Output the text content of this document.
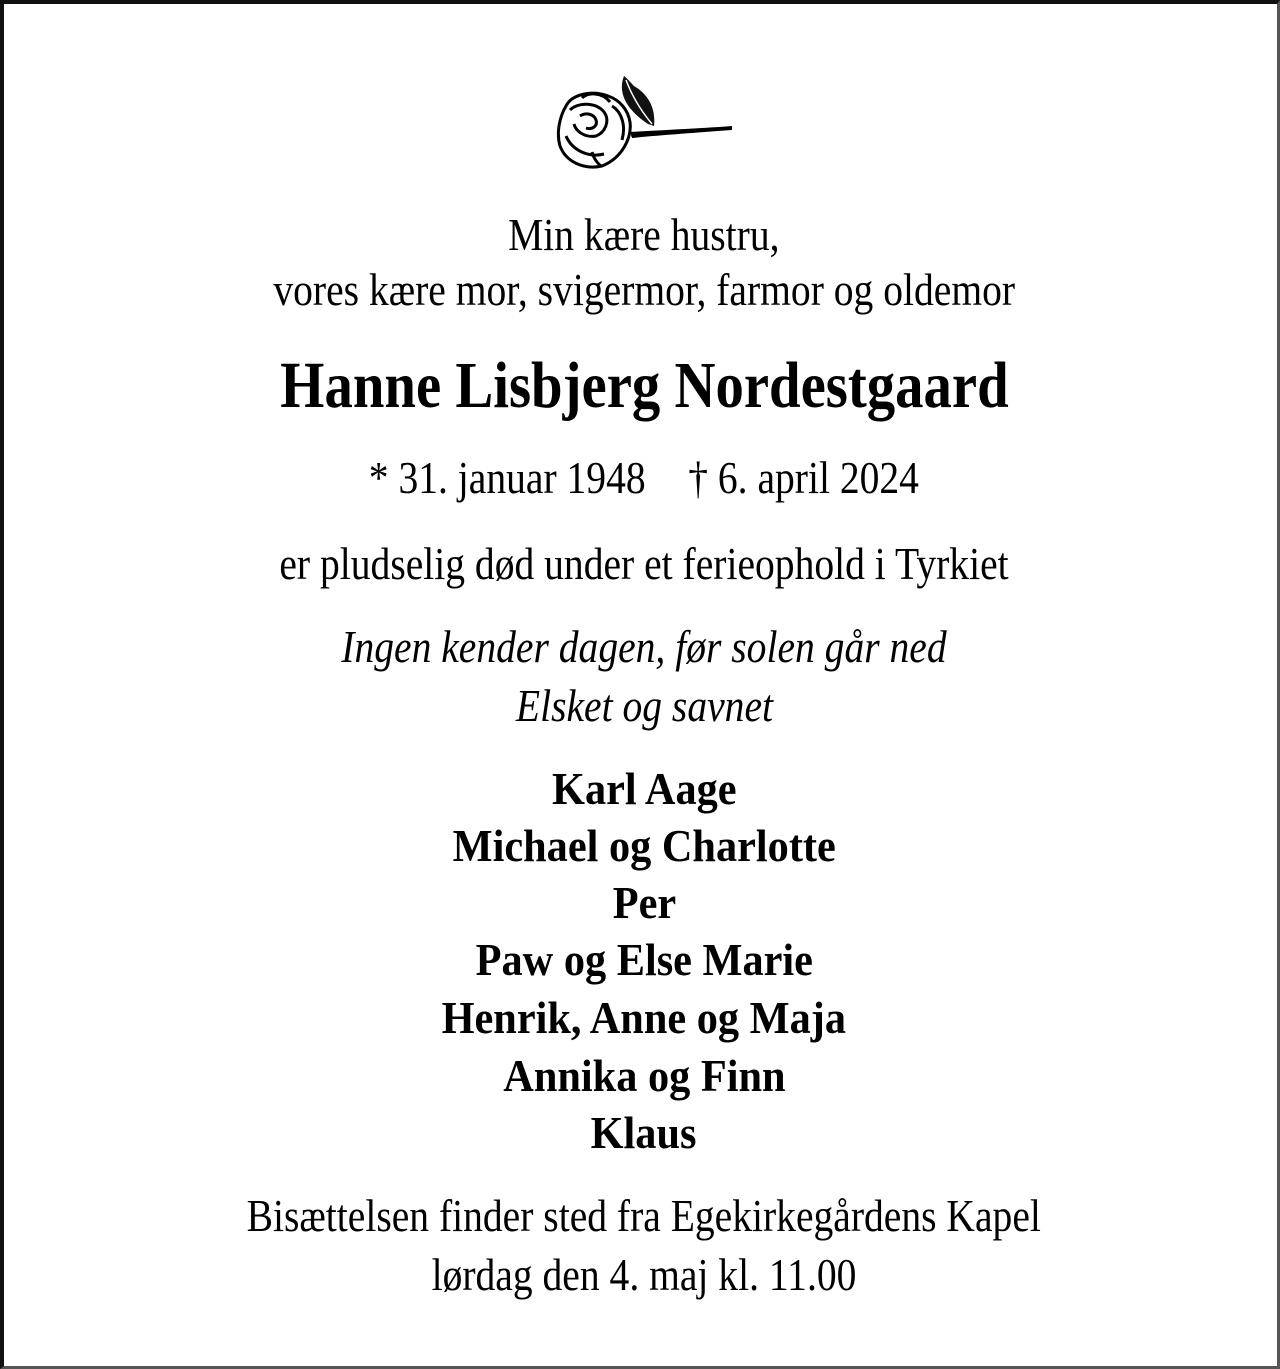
Min kære hustru,
vores kære mor, svigermor, farmor og oldemor
Hanne Lisbjerg Nordestgaard
* 31. januar 1948 † 6. april 2024
er pludselig død under et ferieophold i Tyrkiet
Ingen kender dagen, før solen går ned
Elsket og savnet
Karl Aage
Michael og Charlotte
Per
Paw og Else Marie
Henrik, Anne og Maja
Annika og Finn
Klaus
Bisættelsen finder sted fra Egekirkegårdens Kapel
lørdag den 4. maj kl. 11.00
